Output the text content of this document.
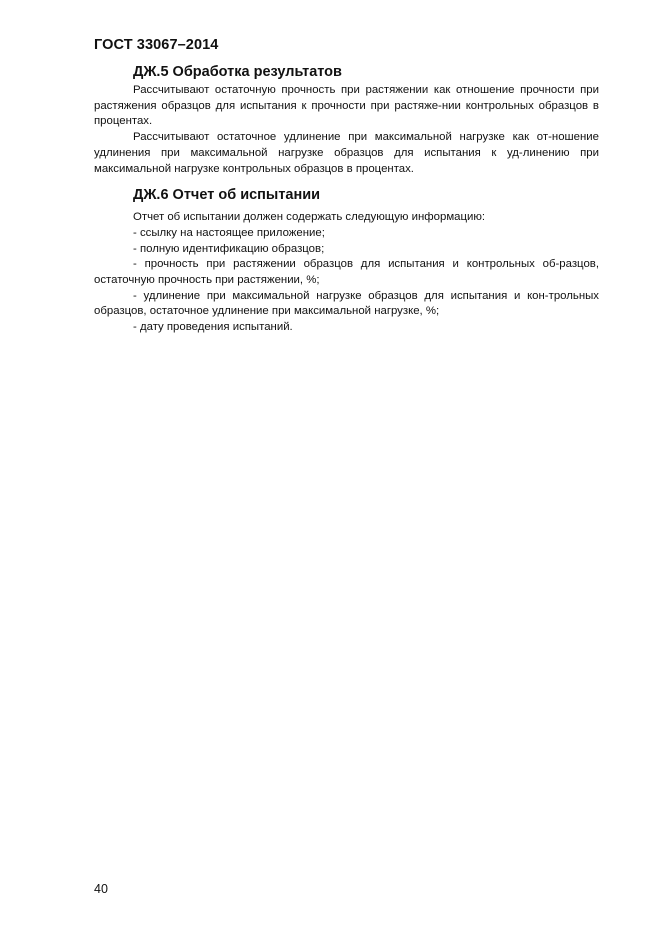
ГОСТ 33067–2014
ДЖ.5 Обработка результатов

Рассчитывают остаточную прочность при растяжении как отношение прочности при растяжения образцов для испытания к прочности при растяже-нии контрольных образцов в процентах.

Рассчитывают остаточное удлинение при максимальной нагрузке как от-ношение удлинения при максимальной нагрузке образцов для испытания к уд-линению при максимальной нагрузке контрольных образцов в процентах.

ДЖ.6 Отчет об испытании

Отчет об испытании должен содержать следующую информацию:

- ссылку на настоящее приложение;

- полную идентификацию образцов;

- прочность при растяжении образцов для испытания и контрольных об-разцов, остаточную прочность при растяжении, %;

- удлинение при максимальной нагрузке образцов для испытания и кон-трольных образцов, остаточное удлинение при максимальной нагрузке, %;

- дату проведения испытаний.

40
